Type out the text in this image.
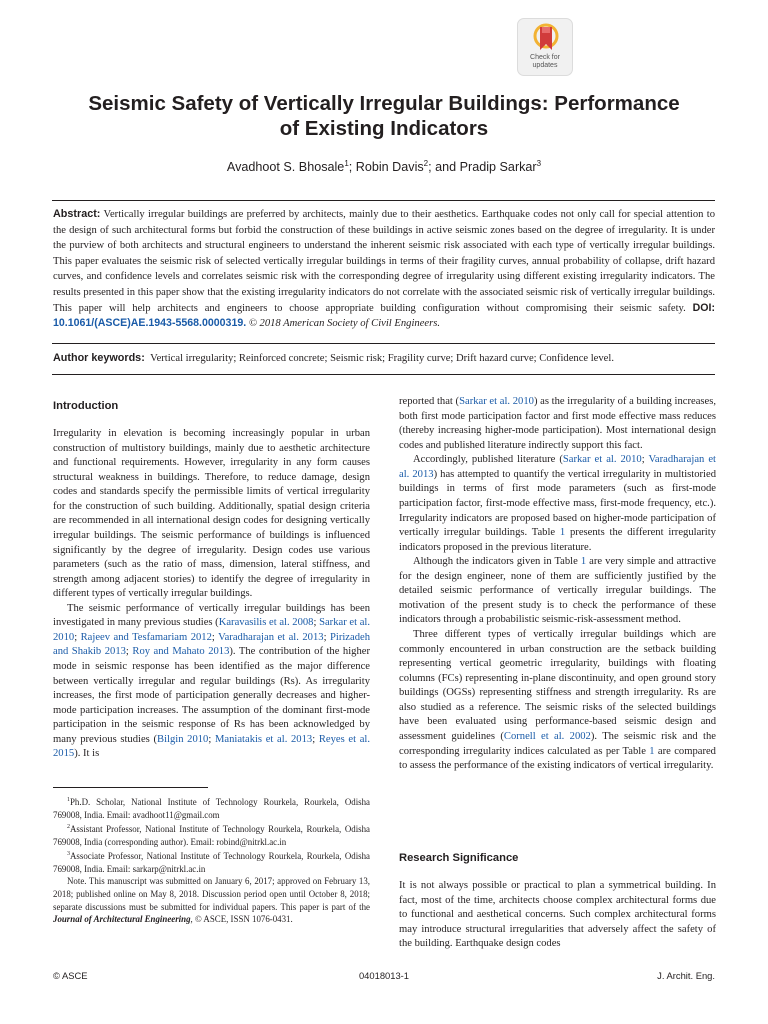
Check for
updates
Seismic Safety of Vertically Irregular Buildings: Performance
of Existing Indicators
Avadhoot S. Bhosale$^1$; Robin Davis$^2$; and Pradip Sarkar$^3$
Abstract: Vertically irregular buildings are preferred by architects, mainly due to their aesthetics. Earthquake codes not only call for special attention to the design of such architectural forms but forbid the construction of these buildings in active seismic zones based on the degree of irregularity. It is under the purview of both architects and structural engineers to understand the inherent seismic risk associated with each type of vertically irregular buildings. This paper evaluates the seismic risk of selected vertically irregular buildings in terms of their fragility curves, annual probability of collapse, drift hazard curves, and confidence levels and correlates seismic risk with the corresponding degree of irregularity using different existing irregularity indicators. The results presented in this paper show that the existing irregularity indicators do not correlate with the associated seismic risk of vertically irregular buildings. This paper will help architects and engineers to choose appropriate building configuration without compromising their seismic safety. DOI: 10.1061/(ASCE)AE.1943-5568.0000319. © 2018 American Society of Civil Engineers.
Author keywords: Vertical irregularity; Reinforced concrete; Seismic risk; Fragility curve; Drift hazard curve; Confidence level.
Introduction

Irregularity in elevation is becoming increasingly popular in urban construction of multistory buildings, mainly due to aesthetic architecture and functional requirements. However, irregularity in any form causes structural weakness in buildings. Therefore, to reduce damage, design codes and standards specify the permissible limits of vertical irregularity for the construction of such building. Additionally, spatial design criteria are recommended in all international design codes for designing vertically irregular buildings. The seismic performance of buildings is influenced significantly by the degree of irregularity. Design codes use various parameters (such as the ratio of mass, dimension, lateral stiffness, and strength among adjacent stories) to identify the degree of irregularity in different types of vertically irregular buildings.

The seismic performance of vertically irregular buildings has been investigated in many previous studies (Karavasilis et al. 2008; Sarkar et al. 2010; Rajeev and Tesfamariam 2012; Varadharajan et al. 2013; Pirizadeh and Shakib 2013; Roy and Mahato 2013). The contribution of the higher mode in seismic response has been identified as the major difference between vertically irregular and regular buildings (Rs). As irregularity increases, the first mode of participation generally decreases and higher-mode participation increases. The assumption of the dominant first-mode participation in the seismic response of Rs has been acknowledged by many previous studies (Bilgin 2010; Maniatakis et al. 2013; Reyes et al. 2015). It is

$^1$Ph.D. Scholar, National Institute of Technology Rourkela, Rourkela, Odisha 769008, India. Email: avadhoot11@gmail.com

$^2$Assistant Professor, National Institute of Technology Rourkela, Rourkela, Odisha 769008, India (corresponding author). Email: robind@nitrkl.ac.in

$^3$Associate Professor, National Institute of Technology Rourkela, Rourkela, Odisha 769008, India. Email: sarkarp@nitrkl.ac.in

Note. This manuscript was submitted on January 6, 2017; approved on February 13, 2018; published online on May 8, 2018. Discussion period open until October 8, 2018; separate discussions must be submitted for individual papers. This paper is part of the Journal of Architectural Engineering, © ASCE, ISSN 1076-0431.

reported that (Sarkar et al. 2010) as the irregularity of a building increases, both first mode participation factor and first mode effective mass reduces (thereby increasing higher-mode participation). Most international design codes and published literature indirectly support this fact.

Accordingly, published literature (Sarkar et al. 2010; Varadharajan et al. 2013) has attempted to quantify the vertical irregularity in multistoried buildings in terms of first mode parameters (such as first-mode participation factor, first-mode effective mass, first-mode frequency, etc.). Irregularity indicators are proposed based on higher-mode participation of vertically irregular buildings. Table 1 presents the different irregularity indicators proposed in the previous literature.

Although the indicators given in Table 1 are very simple and attractive for the design engineer, none of them are sufficiently justified by the detailed seismic performance of vertically irregular buildings. The motivation of the present study is to check the performance of these indicators through a probabilistic seismic-risk-assessment method.

Three different types of vertically irregular buildings which are commonly encountered in urban construction are the setback building representing vertical geometric irregularity, buildings with floating columns (FCs) representing in-plane discontinuity, and open ground story buildings (OGSs) representing stiffness and strength irregularity. Rs are also studied as a reference. The seismic risks of the selected buildings have been evaluated using performance-based seismic design and assessment guidelines (Cornell et al. 2002). The seismic risk and the corresponding irregularity indices calculated as per Table 1 are compared to assess the performance of the existing indicators of vertical irregularity.

Research Significance

It is not always possible or practical to plan a symmetrical building. In fact, most of the time, architects choose complex architectural forms due to functional and aesthetical concerns. Such complex architectural forms may introduce structural irregularities that adversely affect the safety of the building. Earthquake design codes

© ASCE	04018013-1	J. Archit. Eng.
